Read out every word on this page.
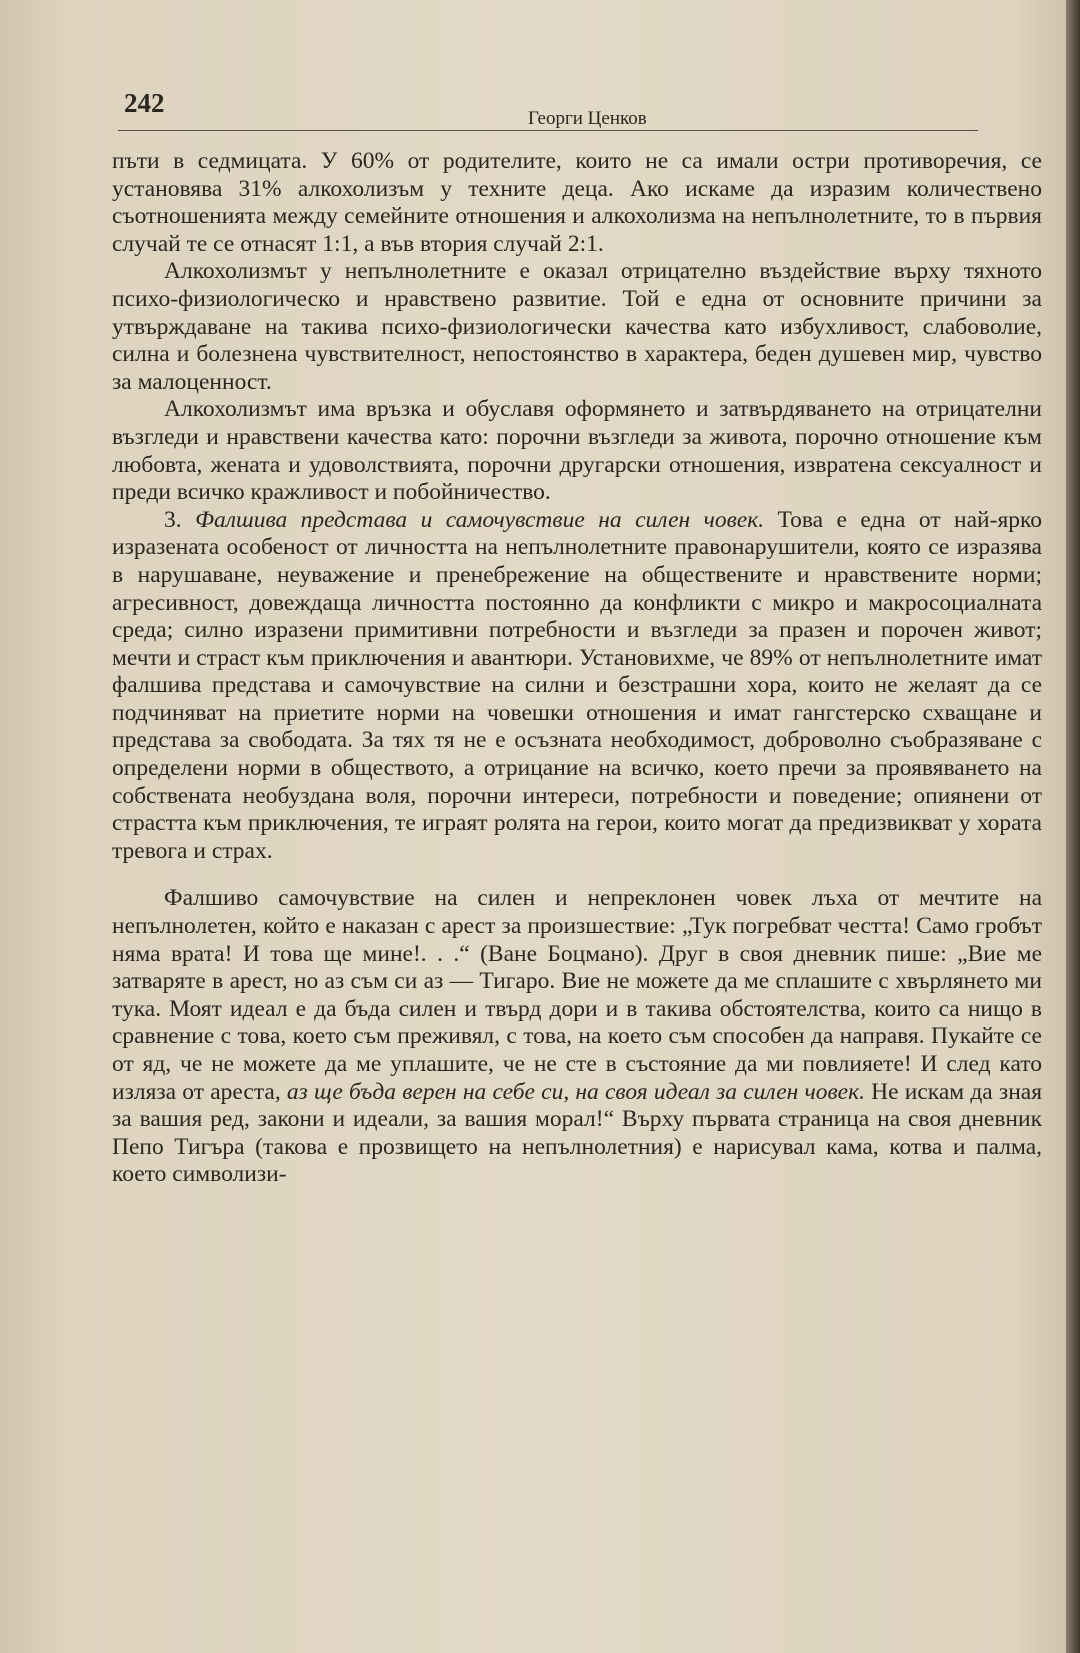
242
Георги Ценков

пъти в седмицата. У 60% от родителите, които не са имали остри противоречия, се установява 31% алкохолизъм у техните деца. Ако искаме да изразим количествено съотношенията между семейните отношения и алкохолизма на непълнолетните, то в първия случай те се отнасят 1:1, а във втория случай 2:1.

Алкохолизмът у непълнолетните е оказал отрицателно въздействие върху тяхното психо-физиологическо и нравствено развитие. Той е една от основните причини за утвърждаване на такива психо-физиологически качества като избухливост, слабоволие, силна и болезнена чувствителност, непостоянство в характера, беден душевен мир, чувство за малоценност.

Алкохолизмът има връзка и обуславя оформянето и затвърдяването на отрицателни възгледи и нравствени качества като: порочни възгледи за живота, порочно отношение към любовта, жената и удоволствията, порочни другарски отношения, извратена сексуалност и преди всичко кражливост и побойничество.

3. Фалшива представа и самочувствие на силен човек. Това е една от най-ярко изразената особеност от личността на непълнолетните правонарушители, която се изразява в нарушаване, неуважение и пренебрежение на обществените и нравствените норми; агресивност, довеждаща личността постоянно да конфликти с микро и макросоциалната среда; силно изразени примитивни потребности и възгледи за празен и порочен живот; мечти и страст към приключения и авантюри. Установихме, че 89% от непълнолетните имат фалшива представа и самочувствие на силни и безстрашни хора, които не желаят да се подчиняват на приетите норми на човешки отношения и имат гангстерско схващане и представа за свободата. За тях тя не е осъзната необходимост, доброволно съобразяване с определени норми в обществото, а отрицание на всичко, което пречи за проявяването на собствената необуздана воля, порочни интереси, потребности и поведение; опиянени от страстта към приключения, те играят ролята на герои, които могат да предизвикват у хората тревога и страх.

Фалшиво самочувствие на силен и непреклонен човек лъха от мечтите на непълнолетен, който е наказан с арест за произшествие: „Тук погребват честта! Само гробът няма врата! И това ще мине!. . .“ (Ване Боцмано). Друг в своя дневник пише: „Вие ме затваряте в арест, но аз съм си аз — Тигаро. Вие не можете да ме сплашите с хвърлянето ми тука. Моят идеал е да бъда силен и твърд дори и в такива обстоятелства, които са нищо в сравнение с това, което съм преживял, с това, на което съм способен да направя. Пукайте се от яд, че не можете да ме уплашите, че не сте в състояние да ми повлияете! И след като изляза от ареста, аз ще бъда верен на себе си, на своя идеал за силен човек. Не искам да зная за вашия ред, закони и идеали, за вашия морал!“ Върху първата страница на своя дневник Пепо Тигъра (такова е прозвището на непълнолетния) е нарисувал кама, котва и палма, което символизи-
